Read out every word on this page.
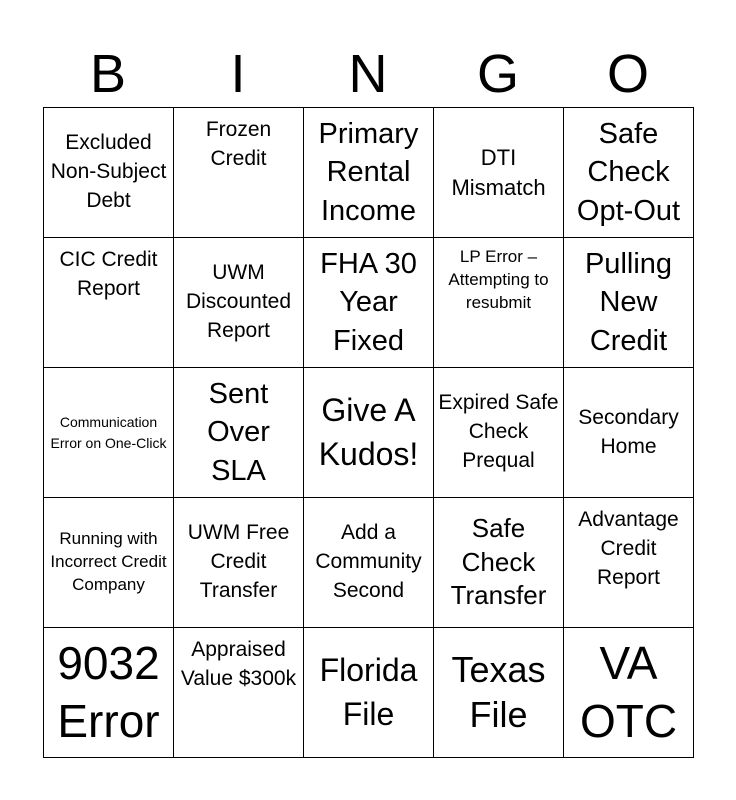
B	I	N	G	O
Excluded Non-Subject Debt	Frozen Credit	Primary Rental Income	DTI Mismatch	Safe Check Opt-Out
CIC Credit Report	UWM Discounted Report	FHA 30 Year Fixed	LP Error – Attempting to resubmit	Pulling New Credit
Communication Error on One-Click	Sent Over SLA	Give A Kudos!	Expired Safe Check Prequal	Secondary Home
Running with Incorrect Credit Company	UWM Free Credit Transfer	Add a Community Second	Safe Check Transfer	Advantage Credit Report
9032 Error	Appraised Value $300k	Florida File	Texas File	VA OTC
